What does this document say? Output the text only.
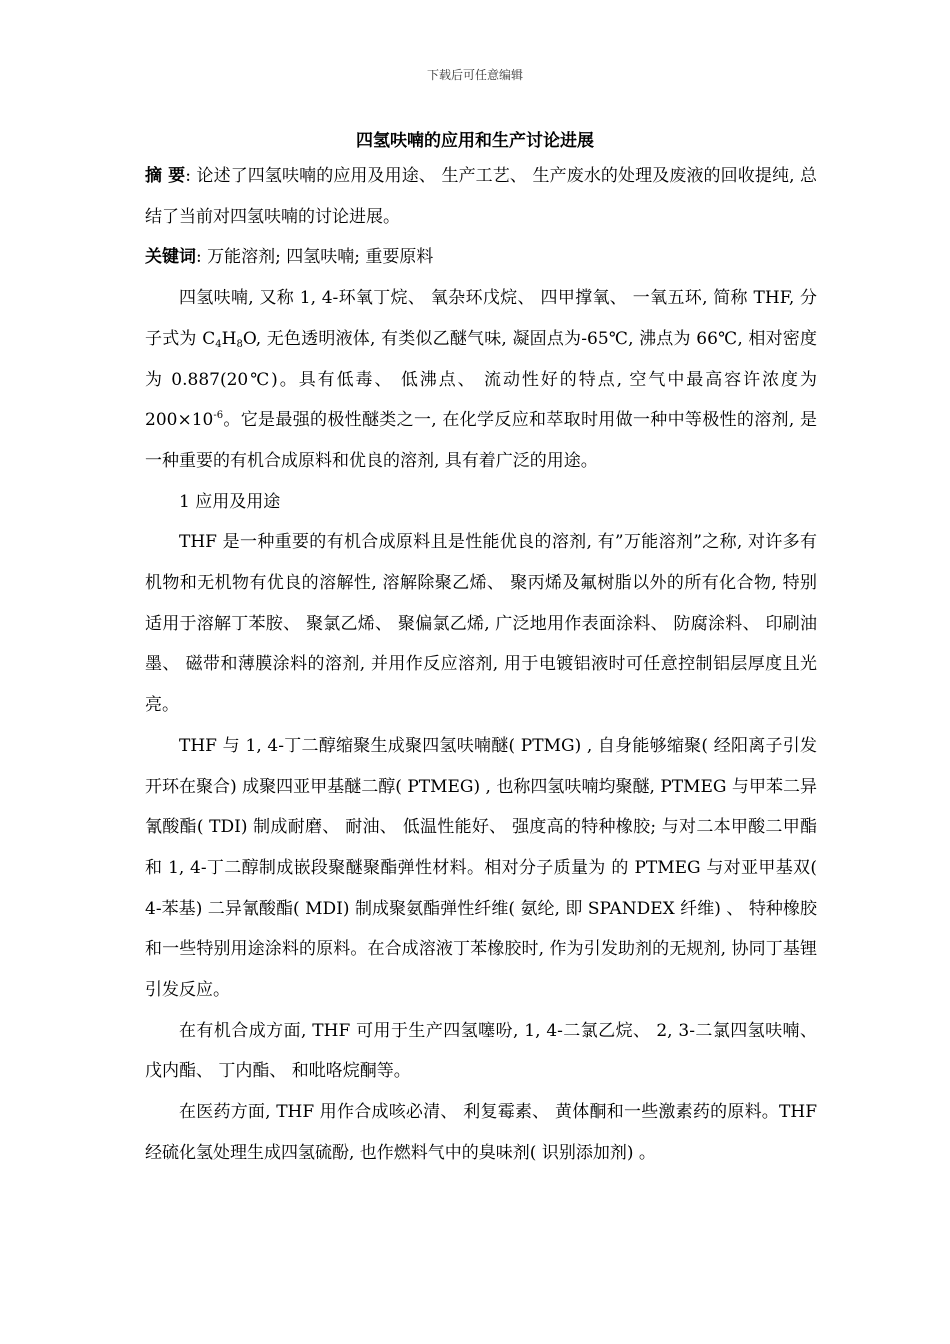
下载后可任意编辑
四氢呋喃的应用和生产讨论进展

摘 要: 论述了四氢呋喃的应用及用途、 生产工艺、 生产废水的处理及废液的回收提纯, 总结了当前对四氢呋喃的讨论进展。

关键词: 万能溶剂; 四氢呋喃; 重要原料

四氢呋喃, 又称 1, 4-环氧丁烷、 氧杂环戊烷、 四甲撑氧、 一氧五环, 简称 THF, 分子式为 $C_4H_8O$, 无色透明液体, 有类似乙醚气味, 凝固点为-65℃, 沸点为 66℃, 相对密度为 0.887(20℃)。具有低毒、 低沸点、 流动性好的特点, 空气中最高容许浓度为 $200\times 10^{-6}$。它是最强的极性醚类之一, 在化学反应和萃取时用做一种中等极性的溶剂, 是一种重要的有机合成原料和优良的溶剂, 具有着广泛的用途。

1 应用及用途

THF 是一种重要的有机合成原料且是性能优良的溶剂, 有”万能溶剂”之称, 对许多有机物和无机物有优良的溶解性, 溶解除聚乙烯、 聚丙烯及氟树脂以外的所有化合物, 特别适用于溶解丁苯胺、 聚氯乙烯、 聚偏氯乙烯, 广泛地用作表面涂料、 防腐涂料、 印刷油墨、 磁带和薄膜涂料的溶剂, 并用作反应溶剂, 用于电镀铝液时可任意控制铝层厚度且光亮。

THF 与 1, 4-丁二醇缩聚生成聚四氢呋喃醚( PTMG) , 自身能够缩聚( 经阳离子引发开环在聚合) 成聚四亚甲基醚二醇( PTMEG) , 也称四氢呋喃均聚醚, PTMEG 与甲苯二异氰酸酯( TDI) 制成耐磨、 耐油、 低温性能好、 强度高的特种橡胶; 与对二本甲酸二甲酯和 1, 4-丁二醇制成嵌段聚醚聚酯弹性材料。相对分子质量为 的 PTMEG 与对亚甲基双( 4-苯基) 二异氰酸酯( MDI) 制成聚氨酯弹性纤维( 氨纶, 即 SPANDEX 纤维) 、 特种橡胶和一些特别用途涂料的原料。在合成溶液丁苯橡胶时, 作为引发助剂的无规剂, 协同丁基锂引发反应。

在有机合成方面, THF 可用于生产四氢噻吩, 1, 4-二氯乙烷、 2, 3-二氯四氢呋喃、 戊内酯、 丁内酯、 和吡咯烷酮等。

在医药方面, THF 用作合成咳必清、 利复霉素、 黄体酮和一些激素药的原料。THF 经硫化氢处理生成四氢硫酚, 也作燃料气中的臭味剂( 识别添加剂) 。
